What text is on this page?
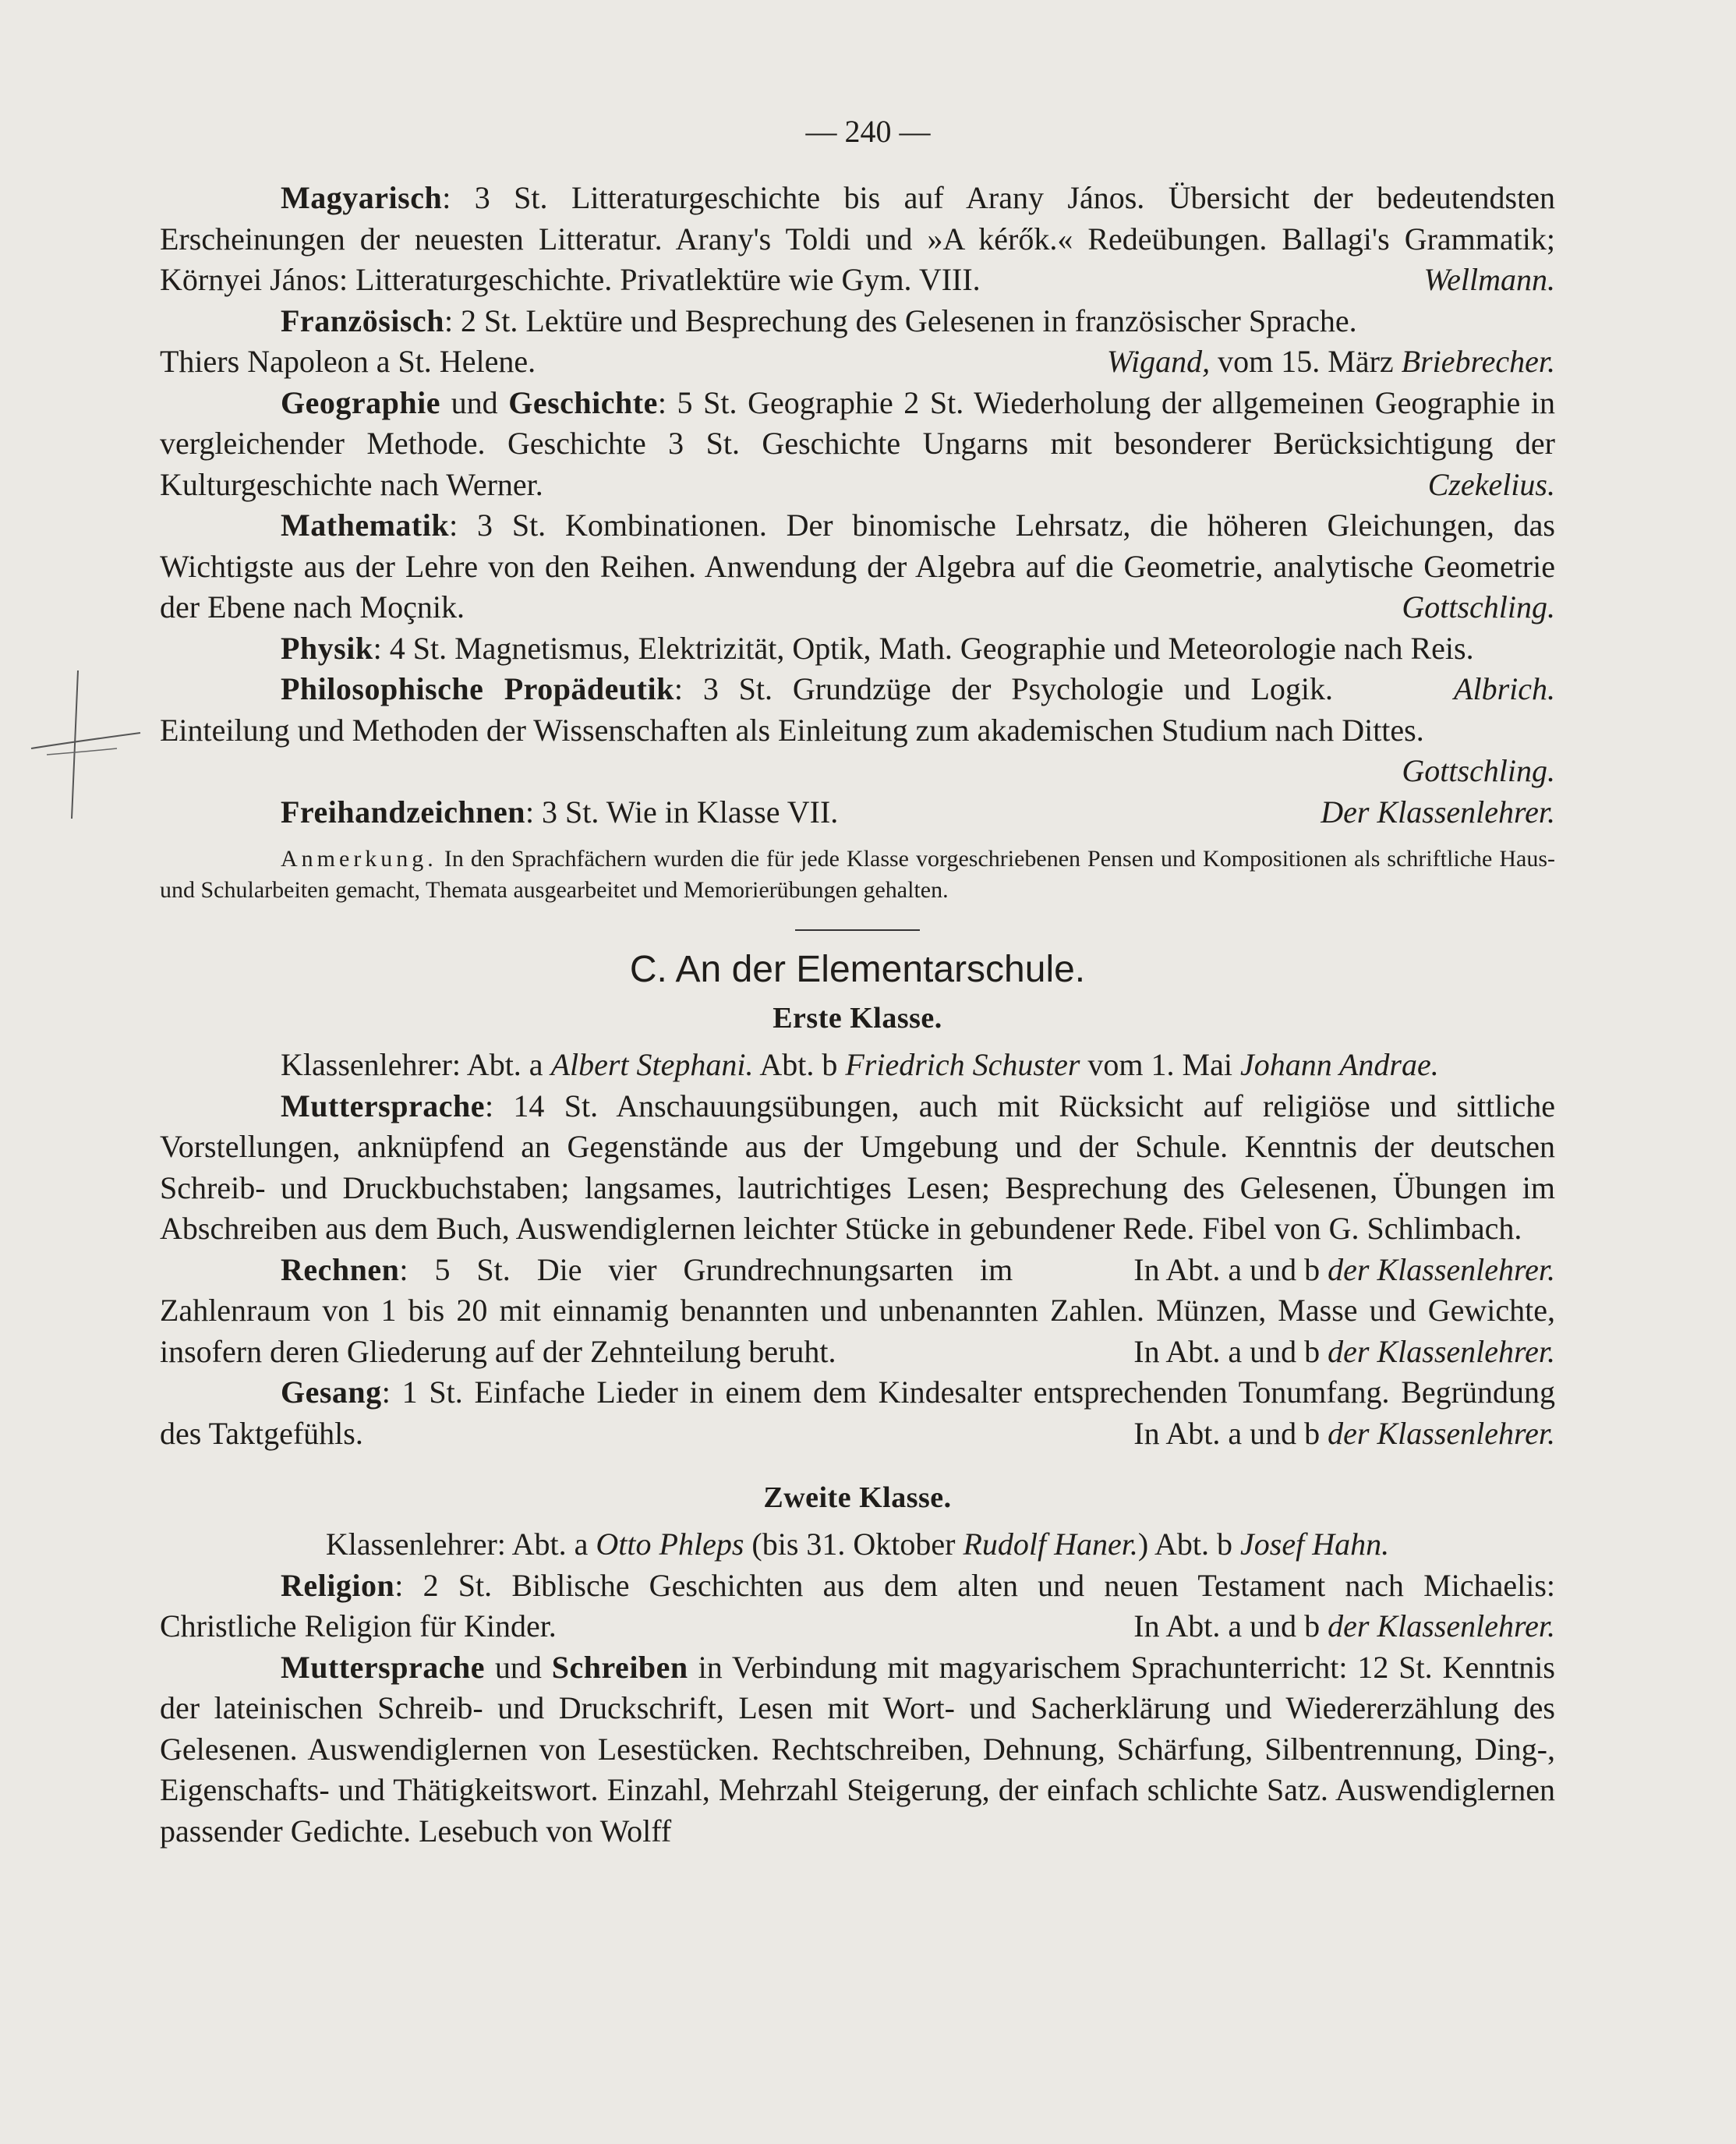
— 240 —

Magyarisch: 3 St. Litteraturgeschichte bis auf Arany János. Übersicht der bedeutendsten Erscheinungen der neuesten Litteratur. Arany's Toldi und »A kérők.« Redeübungen. Ballagi's Grammatik; Környei János: Litteraturgeschichte. Privatlektüre wie Gym. VIII.	Wellmann.

Französisch: 2 St. Lektüre und Besprechung des Gelesenen in französischer Sprache.

Thiers Napoleon a St. Helene.	Wigand, vom 15. März Briebrecher.

Geographie und Geschichte: 5 St. Geographie 2 St. Wiederholung der allgemeinen Geographie in vergleichender Methode. Geschichte 3 St. Geschichte Ungarns mit besonderer Berücksichtigung der Kulturgeschichte nach Werner.	Czekelius.

Mathematik: 3 St. Kombinationen. Der binomische Lehrsatz, die höheren Gleichungen, das Wichtigste aus der Lehre von den Reihen. Anwendung der Algebra auf die Geometrie, analytische Geometrie der Ebene nach Moçnik.	Gottschling.

Physik: 4 St. Magnetismus, Elektrizität, Optik, Math. Geographie und Meteorologie nach Reis.
Albrich.

Philosophische Propädeutik: 3 St. Grundzüge der Psychologie und Logik. Einteilung und Methoden der Wissenschaften als Einleitung zum akademischen Studium nach Dittes.

Gottschling.
Freihandzeichnen: 3 St. Wie in Klasse VII.	Der Klassenlehrer.

Anmerkung. In den Sprachfächern wurden die für jede Klasse vorgeschriebenen Pensen und Kompositionen als schriftliche Haus- und Schularbeiten gemacht, Themata ausgearbeitet und Memorierübungen gehalten.

C. An der Elementarschule.
Erste Klasse.

Klassenlehrer: Abt. a Albert Stephani. Abt. b Friedrich Schuster vom 1. Mai Johann Andrae.

Muttersprache: 14 St. Anschauungsübungen, auch mit Rücksicht auf religiöse und sittliche Vorstellungen, anknüpfend an Gegenstände aus der Umgebung und der Schule. Kenntnis der deutschen Schreib- und Druckbuchstaben; langsames, lautrichtiges Lesen; Besprechung des Gelesenen, Übungen im Abschreiben aus dem Buch, Auswendiglernen leichter Stücke in gebundener Rede. Fibel von G. Schlimbach.
In Abt. a und b der Klassenlehrer.

Rechnen: 5 St. Die vier Grundrechnungsarten im Zahlenraum von 1 bis 20 mit einnamig benannten und unbenannten Zahlen. Münzen, Masse und Gewichte, insofern deren Gliederung auf der Zehnteilung beruht.	In Abt. a und b der Klassenlehrer.

Gesang: 1 St. Einfache Lieder in einem dem Kindesalter entsprechenden Tonumfang. Begründung des Taktgefühls.	In Abt. a und b der Klassenlehrer.

Zweite Klasse.

Klassenlehrer: Abt. a Otto Phleps (bis 31. Oktober Rudolf Haner.) Abt. b Josef Hahn.

Religion: 2 St. Biblische Geschichten aus dem alten und neuen Testament nach Michaelis: Christliche Religion für Kinder.	In Abt. a und b der Klassenlehrer.

Muttersprache und Schreiben in Verbindung mit magyarischem Sprachunterricht: 12 St. Kenntnis der lateinischen Schreib- und Druckschrift, Lesen mit Wort- und Sacherklärung und Wiedererzählung des Gelesenen. Auswendiglernen von Lesestücken. Rechtschreiben, Dehnung, Schärfung, Silbentrennung, Ding-, Eigenschafts- und Thätigkeitswort. Einzahl, Mehrzahl Steigerung, der einfach schlichte Satz. Auswendiglernen passender Gedichte. Lesebuch von Wolff
